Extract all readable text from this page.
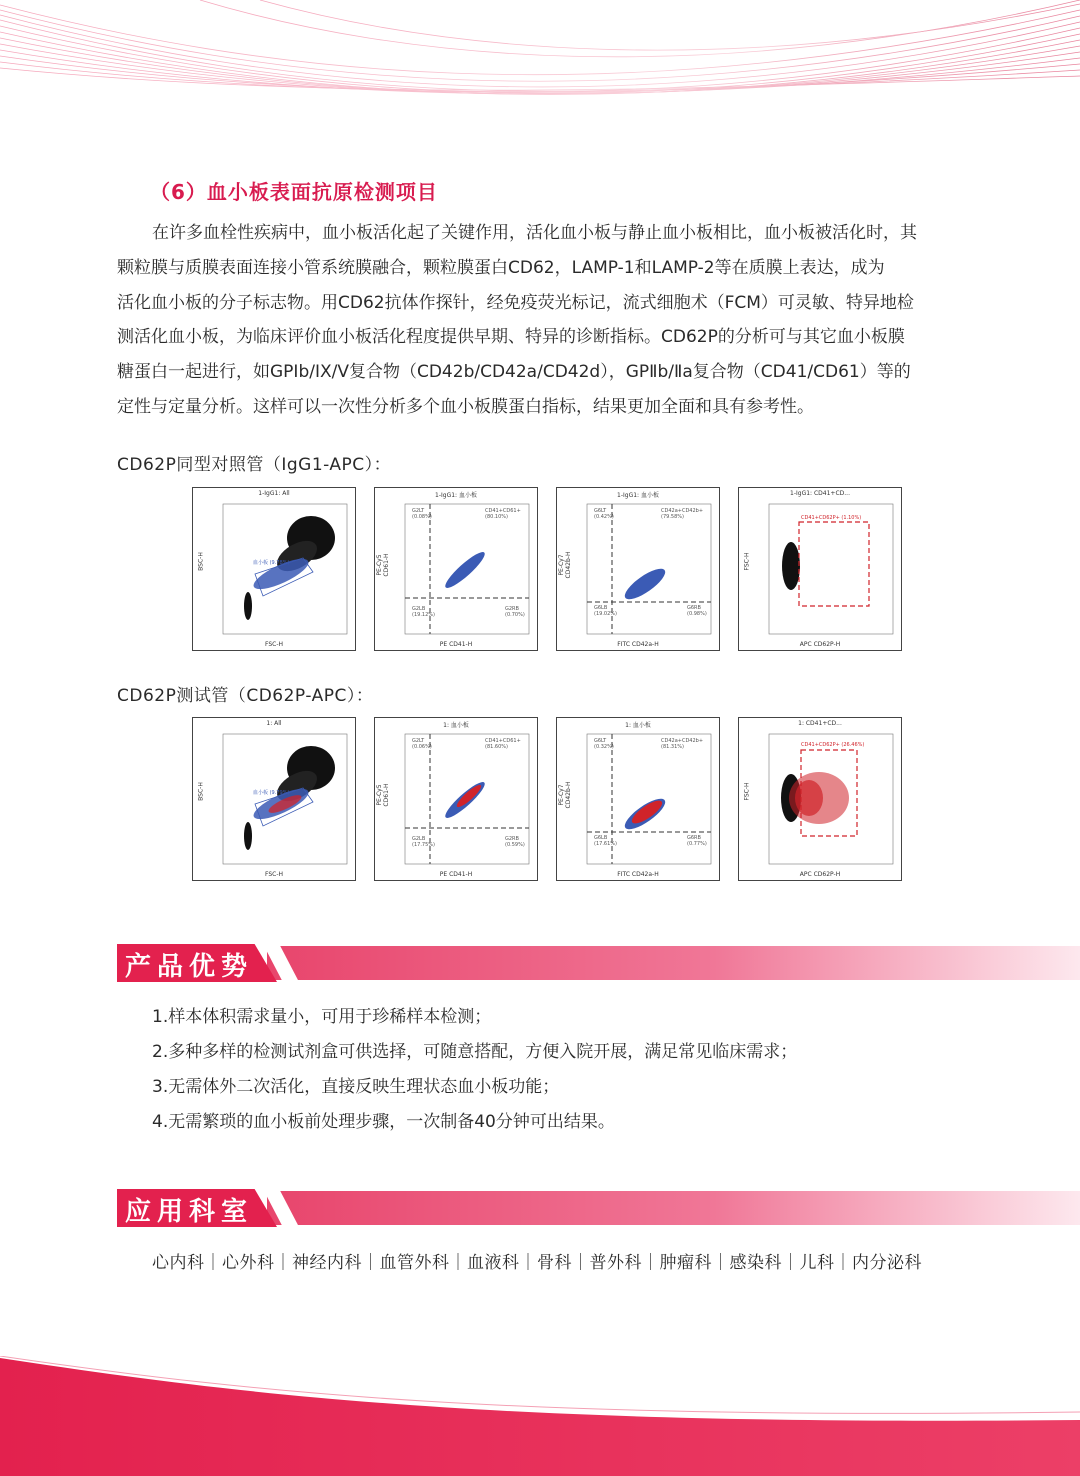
（6）血小板表面抗原检测项目
在许多血栓性疾病中，血小板活化起了关键作用，活化血小板与静止血小板相比，血小板被活化时，其
颗粒膜与质膜表面连接小管系统膜融合，颗粒膜蛋白CD62，LAMP-1和LAMP-2等在质膜上表达，成为
活化血小板的分子标志物。用CD62抗体作探针，经免疫荧光标记，流式细胞术（FCM）可灵敏、特异地检
测活化血小板，为临床评价血小板活化程度提供早期、特异的诊断指标。CD62P的分析可与其它血小板膜
糖蛋白一起进行，如GPIb/IX/V复合物（CD42b/CD42a/CD42d），GPⅡb/Ⅱa复合物（CD41/CD61）等的
定性与定量分析。这样可以一次性分析多个血小板膜蛋白指标，结果更加全面和具有参考性。
CD62P同型对照管（IgG1-APC）：
1-IgG1: All
血小板 (9.78%)
BSC-H
FSC-H
1-IgG1: 血小板
G2LT
(0.08%)
CD41+CD61+
(80.10%)
G2LB
(19.12%)
G2RB
(0.70%)
PE-Cy5 CD61-H
PE CD41-H
1-IgG1: 血小板
G6LT
(0.42%)
CD42a+CD42b+
(79.58%)
G6LB
(19.02%)
G6RB
(0.98%)
PE-Cy7 CD42b-H
FITC CD42a-H
1-IgG1: CD41+CD...
CD41+CD62P+ (1.10%)
FSC-H
APC CD62P-H
CD62P测试管（CD62P-APC）：
1: All
血小板 (9.79%)
BSC-H
FSC-H
1: 血小板
G2LT
(0.06%)
CD41+CD61+
(81.60%)
G2LB
(17.75%)
G2RB
(0.59%)
PE-Cy5 CD61-H
PE CD41-H
1: 血小板
G6LT
(0.32%)
CD42a+CD42b+
(81.31%)
G6LB
(17.61%)
G6RB
(0.77%)
PE-Cy7 CD42b-H
FITC CD42a-H
1: CD41+CD...
CD41+CD62P+ (26.46%)
FSC-H
APC CD62P-H
产品优势
1.样本体积需求量小，可用于珍稀样本检测；
2.多种多样的检测试剂盒可供选择，可随意搭配，方便入院开展，满足常见临床需求；
3.无需体外二次活化，直接反映生理状态血小板功能；
4.无需繁琐的血小板前处理步骤，一次制备40分钟可出结果。
应用科室
心内科｜心外科｜神经内科｜血管外科｜血液科｜骨科｜普外科｜肿瘤科｜感染科｜儿科｜内分泌科
